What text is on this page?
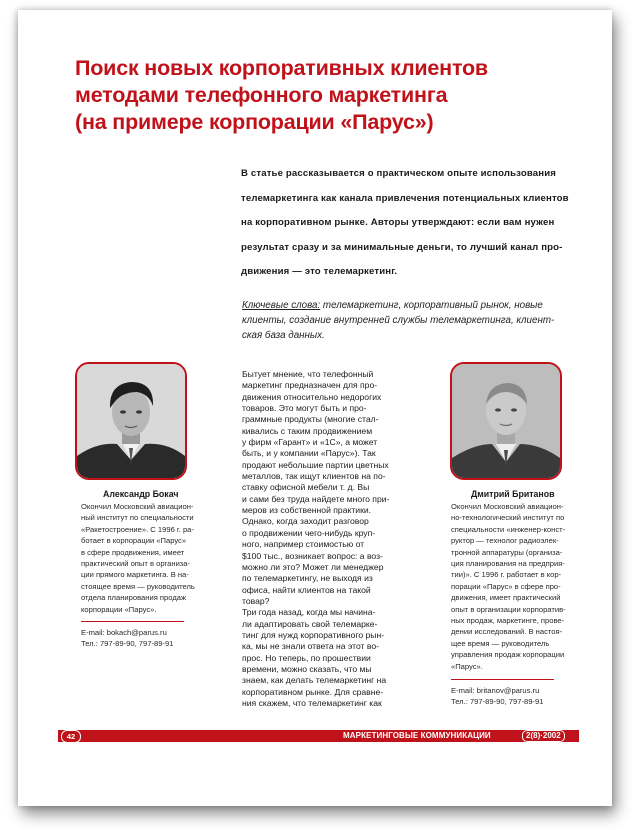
Поиск новых корпоративных клиентов
методами телефонного маркетинга
(на примере корпорации «Парус»)

В статье рассказывается о практическом опыте использования
телемаркетинга как канала привлечения потенциальных клиентов
на корпоративном рынке. Авторы утверждают: если вам нужен
результат сразу и за минимальные деньги, то лучший канал про-
движения — это телемаркетинг.

Ключевые слова: телемаркетинг, корпоративный рынок, новые
клиенты, создание внутренней службы телемаркетинга, клиент-
ская база данных.

Александр Бокач

Окончил Московский авиацион-
ный институт по специальности
«Ракетостроение». С 1996 г. ра-
ботает в корпорации «Парус»
в сфере продвижения, имеет
практический опыт в организа-
ции прямого маркетинга. В на-
стоящее время — руководитель
отдела планирования продаж
корпорации «Парус».

E-mail: bokach@parus.ru
Тел.: 797-89-90, 797-89-91

Бытует мнение, что телефонный
маркетинг предназначен для про-
движения относительно недорогих
товаров. Это могут быть и про-
граммные продукты (многие стал-
кивались с таким продвижением
у фирм «Гарант» и «1С», а может
быть, и у компании «Парус»). Так
продают небольшие партии цветных
металлов, так ищут клиентов на по-
ставку офисной мебели т. д. Вы
и сами без труда найдете много при-
меров из собственной практики.
Однако, когда заходит разговор
о продвижении чего-нибудь круп-
ного, например стоимостью от
$100 тыс., возникает вопрос: а воз-
можно ли это? Может ли менеджер
по телемаркетингу, не выходя из
офиса, найти клиентов на такой
товар?
Три года назад, когда мы начина-
ли адаптировать свой телемарке-
тинг для нужд корпоративного рын-
ка, мы не знали ответа на этот во-
прос. Но теперь, по прошествии
времени, можно сказать, что мы
знаем, как делать телемаркетинг на
корпоративном рынке. Для сравне-
ния скажем, что телемаркетинг как

Дмитрий Британов

Окончил Московский авиацион-
но-технологический институт по
специальности «инженер-конст-
руктор — технолог радиоэлек-
тронной аппаратуры (организа-
ция планирования на предприя-
тии)». С 1996 г. работает в кор-
порации «Парус» в сфере про-
движения, имеет практический
опыт в организации корпоратив-
ных продаж, маркетинге, прове-
дении исследований. В настоя-
щее время — руководитель
управления продаж корпорации
«Парус».

E-mail: britanov@parus.ru
Тел.: 797-89-90, 797-89-91

42	МАРКЕТИНГОВЫЕ КОММУНИКАЦИИ	2(8)·2002
